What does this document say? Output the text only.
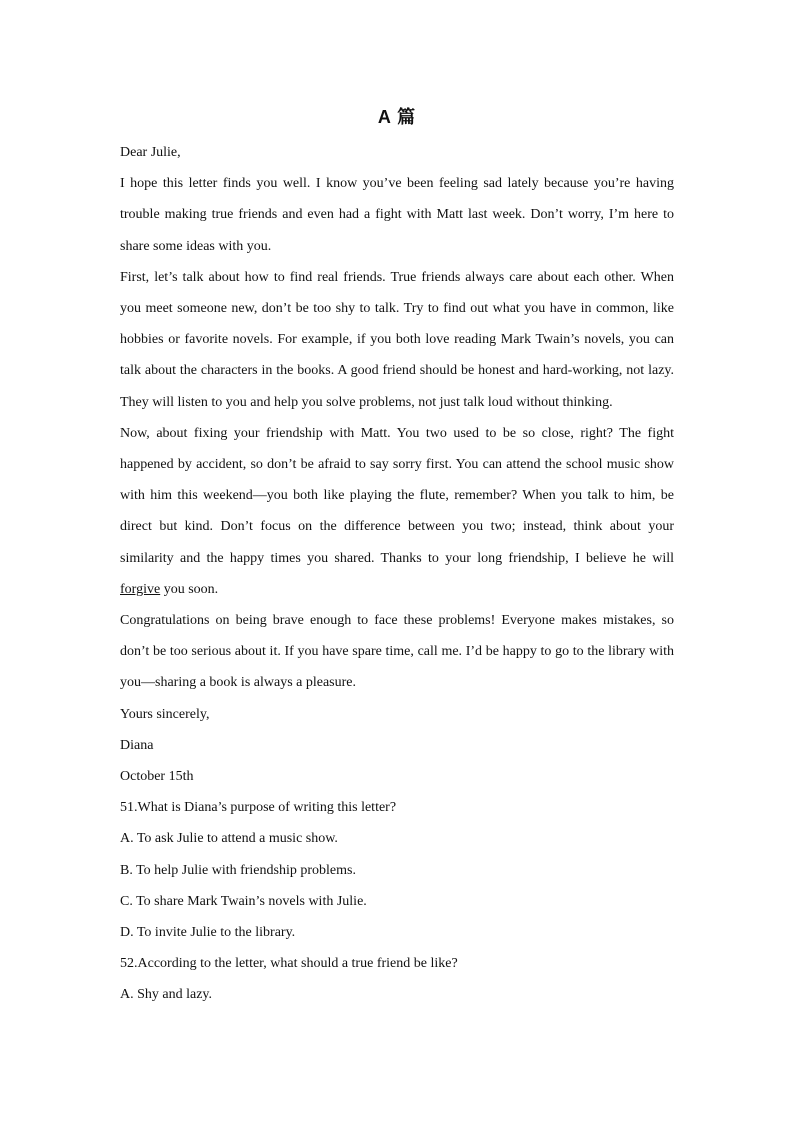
A 篇

Dear Julie,

I hope this letter finds you well. I know you’ve been feeling sad lately because you’re having trouble making true friends and even had a fight with Matt last week. Don’t worry, I’m here to share some ideas with you.

First, let’s talk about how to find real friends. True friends always care about each other. When you meet someone new, don’t be too shy to talk. Try to find out what you have in common, like hobbies or favorite novels. For example, if you both love reading Mark Twain’s novels, you can talk about the characters in the books. A good friend should be honest and hard-working, not lazy. They will listen to you and help you solve problems, not just talk loud without thinking.

Now, about fixing your friendship with Matt. You two used to be so close, right? The fight happened by accident, so don’t be afraid to say sorry first. You can attend the school music show with him this weekend—you both like playing the flute, remember? When you talk to him, be direct but kind. Don’t focus on the difference between you two; instead, think about your similarity and the happy times you shared. Thanks to your long friendship, I believe he will forgive you soon.

Congratulations on being brave enough to face these problems! Everyone makes mistakes, so don’t be too serious about it. If you have spare time, call me. I’d be happy to go to the library with you—sharing a book is always a pleasure.

Yours sincerely,

Diana

October 15th

51.What is Diana’s purpose of writing this letter?

A. To ask Julie to attend a music show.

B. To help Julie with friendship problems.

C. To share Mark Twain’s novels with Julie.

D. To invite Julie to the library.

52.According to the letter, what should a true friend be like?

A. Shy and lazy.
